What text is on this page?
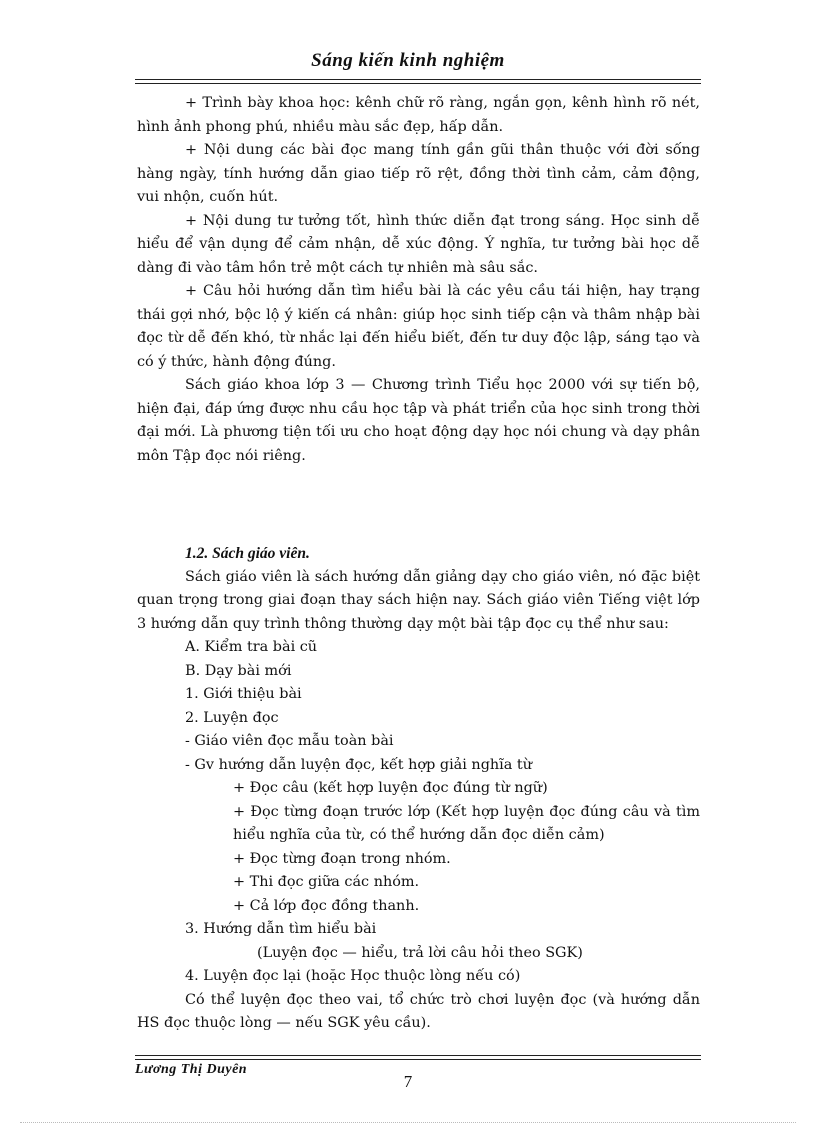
Sáng kiến kinh nghiệm

+ Trình bày khoa học: kênh chữ rõ ràng, ngắn gọn, kênh hình rõ nét, hình ảnh phong phú, nhiều màu sắc đẹp, hấp dẫn.

+ Nội dung các bài đọc mang tính gần gũi thân thuộc với đời sống hàng ngày, tính hướng dẫn giao tiếp rõ rệt, đồng thời tình cảm, cảm động, vui nhộn, cuốn hút.

+ Nội dung tư tưởng tốt, hình thức diễn đạt trong sáng. Học sinh dễ hiểu để vận dụng để cảm nhận, dễ xúc động. Ý nghĩa, tư tưởng bài học dễ dàng đi vào tâm hồn trẻ một cách tự nhiên mà sâu sắc.

+ Câu hỏi hướng dẫn tìm hiểu bài là các yêu cầu tái hiện, hay trạng thái gợi nhớ, bộc lộ ý kiến cá nhân: giúp học sinh tiếp cận và thâm nhập bài đọc từ dễ đến khó, từ nhắc lại đến hiểu biết, đến tư duy độc lập, sáng tạo và có ý thức, hành động đúng.

Sách giáo khoa lớp 3 — Chương trình Tiểu học 2000 với sự tiến bộ, hiện đại, đáp ứng được nhu cầu học tập và phát triển của học sinh trong thời đại mới. Là phương tiện tối ưu cho hoạt động dạy học nói chung và dạy phân môn Tập đọc nói riêng.

1.2. Sách giáo viên.

Sách giáo viên là sách hướng dẫn giảng dạy cho giáo viên, nó đặc biệt quan trọng trong giai đoạn thay sách hiện nay. Sách giáo viên Tiếng việt lớp 3 hướng dẫn quy trình thông thường dạy một bài tập đọc cụ thể như sau:

A. Kiểm tra bài cũ

B. Dạy bài mới

1. Giới thiệu bài

2. Luyện đọc

- Giáo viên đọc mẫu toàn bài

- Gv hướng dẫn luyện đọc, kết hợp giải nghĩa từ

+ Đọc câu (kết hợp luyện đọc đúng từ ngữ)

+ Đọc từng đoạn trước lớp (Kết hợp luyện đọc đúng câu và tìm hiểu nghĩa của từ, có thể hướng dẫn đọc diễn cảm)

+ Đọc từng đoạn trong nhóm.

+ Thi đọc giữa các nhóm.

+ Cả lớp đọc đồng thanh.

3. Hướng dẫn tìm hiểu bài

(Luyện đọc — hiểu, trả lời câu hỏi theo SGK)

4. Luyện đọc lại (hoặc Học thuộc lòng nếu có)

Có thể luyện đọc theo vai, tổ chức trò chơi luyện đọc (và hướng dẫn HS đọc thuộc lòng — nếu SGK yêu cầu).

Lương Thị Duyên
7
